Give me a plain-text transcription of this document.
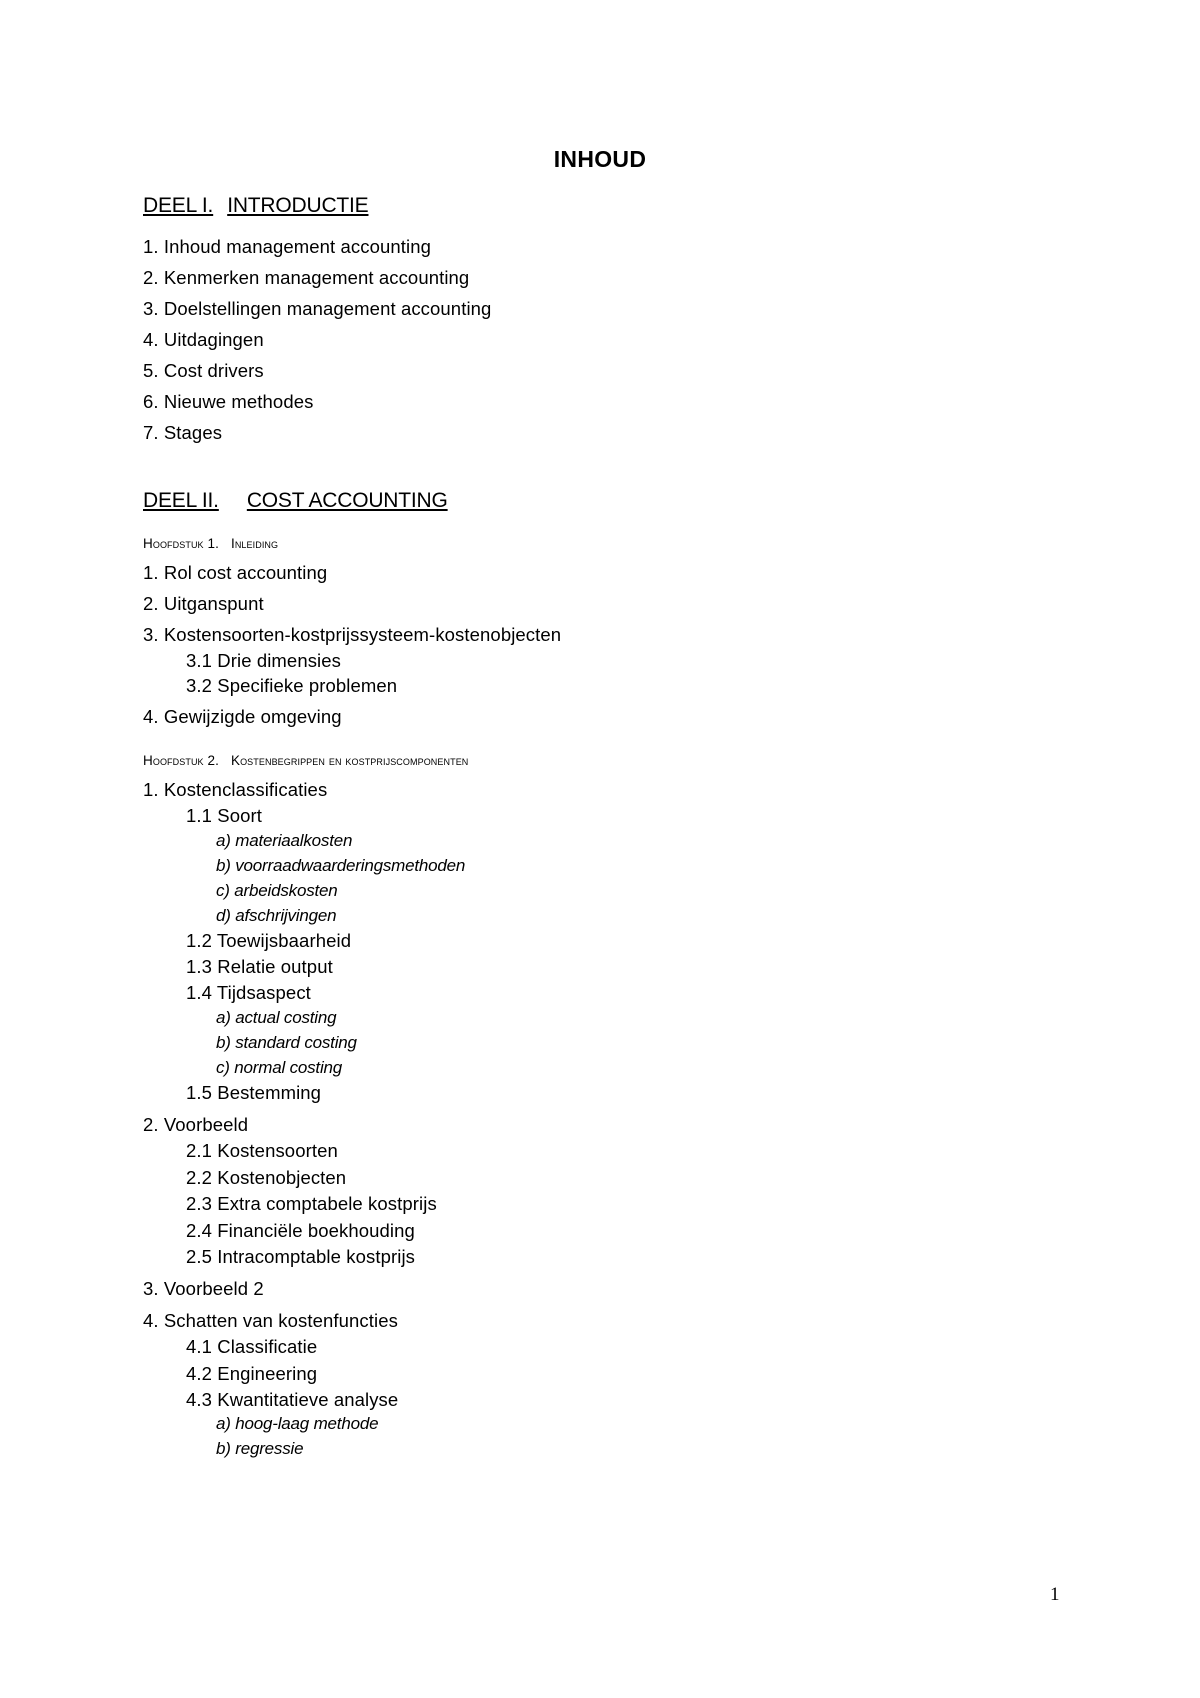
INHOUD
DEEL I. INTRODUCTIE
1. Inhoud management accounting
2. Kenmerken management accounting
3. Doelstellingen management accounting
4. Uitdagingen
5. Cost drivers
6. Nieuwe methodes
7. Stages
DEEL II. COST ACCOUNTING
Hoofdstuk 1. Inleiding
1. Rol cost accounting
2. Uitganspunt
3. Kostensoorten-kostprijssysteem-kostenobjecten
3.1 Drie dimensies
3.2 Specifieke problemen
4. Gewijzigde omgeving
Hoofdstuk 2. Kostenbegrippen en kostprijscomponenten
1. Kostenclassificaties
1.1 Soort
a) materiaalkosten
b) voorraadwaarderingsmethoden
c) arbeidskosten
d) afschrijvingen
1.2 Toewijsbaarheid
1.3 Relatie output
1.4 Tijdsaspect
a) actual costing
b) standard costing
c) normal costing
1.5 Bestemming
2. Voorbeeld
2.1 Kostensoorten
2.2 Kostenobjecten
2.3 Extra comptabele kostprijs
2.4 Financiële boekhouding
2.5 Intracomptable kostprijs
3. Voorbeeld 2
4. Schatten van kostenfuncties
4.1 Classificatie
4.2 Engineering
4.3 Kwantitatieve analyse
a) hoog-laag methode
b) regressie
1
